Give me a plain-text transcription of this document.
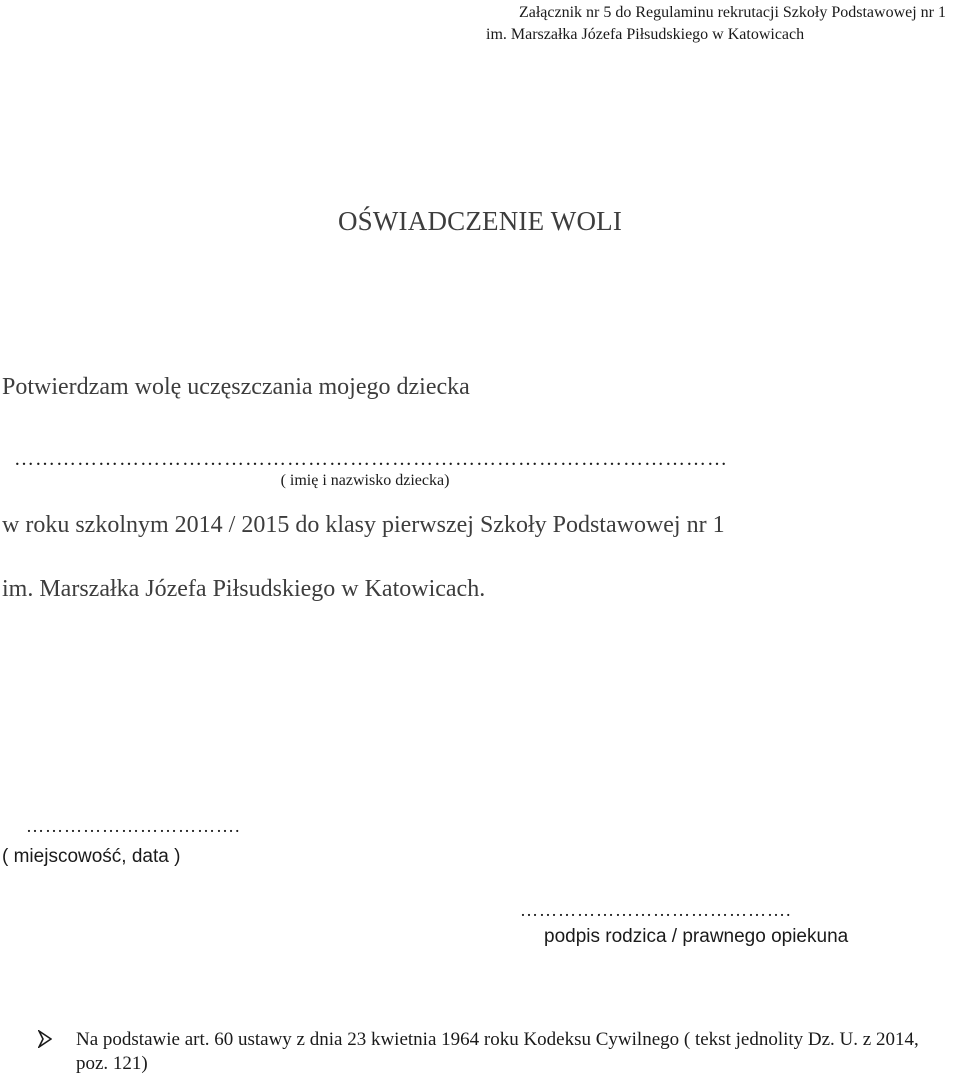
Załącznik nr 5 do Regulaminu rekrutacji Szkoły Podstawowej nr 1
im. Marszałka Józefa Piłsudskiego w Katowicach
OŚWIADCZENIE WOLI
Potwierdzam wolę uczęszczania mojego dziecka
…………………………………………………………………………………………
( imię i nazwisko dziecka)
w roku szkolnym 2014 / 2015 do klasy pierwszej Szkoły Podstawowej nr 1
im. Marszałka Józefa Piłsudskiego w Katowicach.
…………………………….
( miejscowość, data )
…………………………………….
podpis rodzica / prawnego opiekuna
Na podstawie art. 60 ustawy z dnia 23 kwietnia 1964 roku Kodeksu Cywilnego ( tekst jednolity Dz. U. z 2014, poz. 121)
